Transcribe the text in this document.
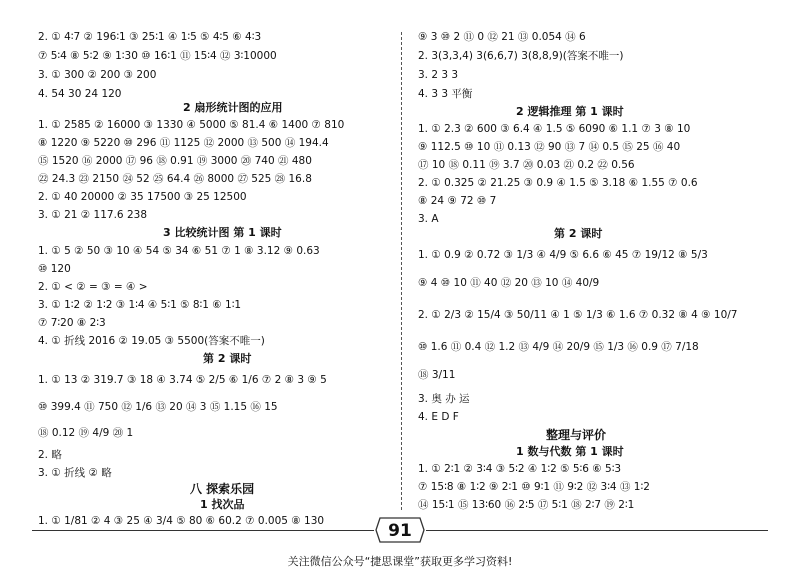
2. ① 4∶7 ② 196∶1 ③ 25∶1 ④ 1∶5 ⑤ 4∶5 ⑥ 4∶3
⑦ 5∶4 ⑧ 5∶2 ⑨ 1∶30 ⑩ 16∶1 ⑪ 15∶4 ⑫ 3∶10000
3. ① 300 ② 200 ③ 200
4. 54 30 24 120
2 扇形统计图的应用
1. ① 2585 ② 16000 ③ 1330 ④ 5000 ⑤ 81.4 ⑥ 1400 ⑦ 810
⑧ 1220 ⑨ 5220 ⑩ 296 ⑪ 1125 ⑫ 2000 ⑬ 500 ⑭ 194.4
⑮ 1520 ⑯ 2000 ⑰ 96 ⑱ 0.91 ⑲ 3000 ⑳ 740 ㉑ 480
㉒ 24.3 ㉓ 2150 ㉔ 52 ㉕ 64.4 ㉖ 8000 ㉗ 525 ㉘ 16.8
2. ① 40 20000 ② 35 17500 ③ 25 12500
3. ① 21 ② 117.6 238
3 比较统计图 第 1 课时
1. ① 5 ② 50 ③ 10 ④ 54 ⑤ 34 ⑥ 51 ⑦ 1 ⑧ 3.12 ⑨ 0.63
⑩ 120
2. ① < ② = ③ = ④ >
3. ① 1∶2 ② 1∶2 ③ 1∶4 ④ 5∶1 ⑤ 8∶1 ⑥ 1∶1
⑦ 7∶20 ⑧ 2∶3
4. ① 折线 2016 ② 19.05 ③ 5500(答案不唯一)
第 2 课时
1. ① 13 ② 319.7 ③ 18 ④ 3.74 ⑤ 2/5 ⑥ 1/6 ⑦ 2 ⑧ 3 ⑨ 5
⑩ 399.4 ⑪ 750 ⑫ 1/6 ⑬ 20 ⑭ 3 ⑮ 1.15 ⑯ 15
⑱ 0.12 ⑲ 4/9 ⑳ 1
2. 略
3. ① 折线 ② 略
八 探索乐园
1 找次品
1. ① 1/81 ② 4 ③ 25 ④ 3/4 ⑤ 80 ⑥ 60.2 ⑦ 0.005 ⑧ 130
⑨ 3 ⑩ 2 ⑪ 0 ⑫ 21 ⑬ 0.054 ⑭ 6
2. 3(3,3,4) 3(6,6,7) 3(8,8,9)(答案不唯一)
3. 2 3 3
4. 3 3 平衡
2 逻辑推理 第 1 课时
1. ① 2.3 ② 600 ③ 6.4 ④ 1.5 ⑤ 6090 ⑥ 1.1 ⑦ 3 ⑧ 10
⑨ 112.5 ⑩ 10 ⑪ 0.13 ⑫ 90 ⑬ 7 ⑭ 0.5 ⑮ 25 ⑯ 40
⑰ 10 ⑱ 0.11 ⑲ 3.7 ⑳ 0.03 ㉑ 0.2 ㉒ 0.56
2. ① 0.325 ② 21.25 ③ 0.9 ④ 1.5 ⑤ 3.18 ⑥ 1.55 ⑦ 0.6
⑧ 24 ⑨ 72 ⑩ 7
3. A
第 2 课时
1. ① 0.9 ② 0.72 ③ 1/3 ④ 4/9 ⑤ 6.6 ⑥ 45 ⑦ 19/12 ⑧ 5/3
⑨ 4 ⑩ 10 ⑪ 40 ⑫ 20 ⑬ 10 ⑭ 40/9
2. ① 2/3 ② 15/4 ③ 50/11 ④ 1 ⑤ 1/3 ⑥ 1.6 ⑦ 0.32 ⑧ 4 ⑨ 10/7
⑩ 1.6 ⑪ 0.4 ⑫ 1.2 ⑬ 4/9 ⑭ 20/9 ⑮ 1/3 ⑯ 0.9 ⑰ 7/18
⑱ 3/11
3. 奥 办 运
4. E D F
整理与评价
1 数与代数 第 1 课时
1. ① 2∶1 ② 3∶4 ③ 5∶2 ④ 1∶2 ⑤ 5∶6 ⑥ 5∶3
⑦ 15∶8 ⑧ 1∶2 ⑨ 2∶1 ⑩ 9∶1 ⑪ 9∶2 ⑫ 3∶4 ⑬ 1∶2
⑭ 15∶1 ⑮ 13∶60 ⑯ 2∶5 ⑰ 5∶1 ⑱ 2∶7 ⑲ 2∶1
91
关注微信公众号“捷思课堂”获取更多学习资料!
